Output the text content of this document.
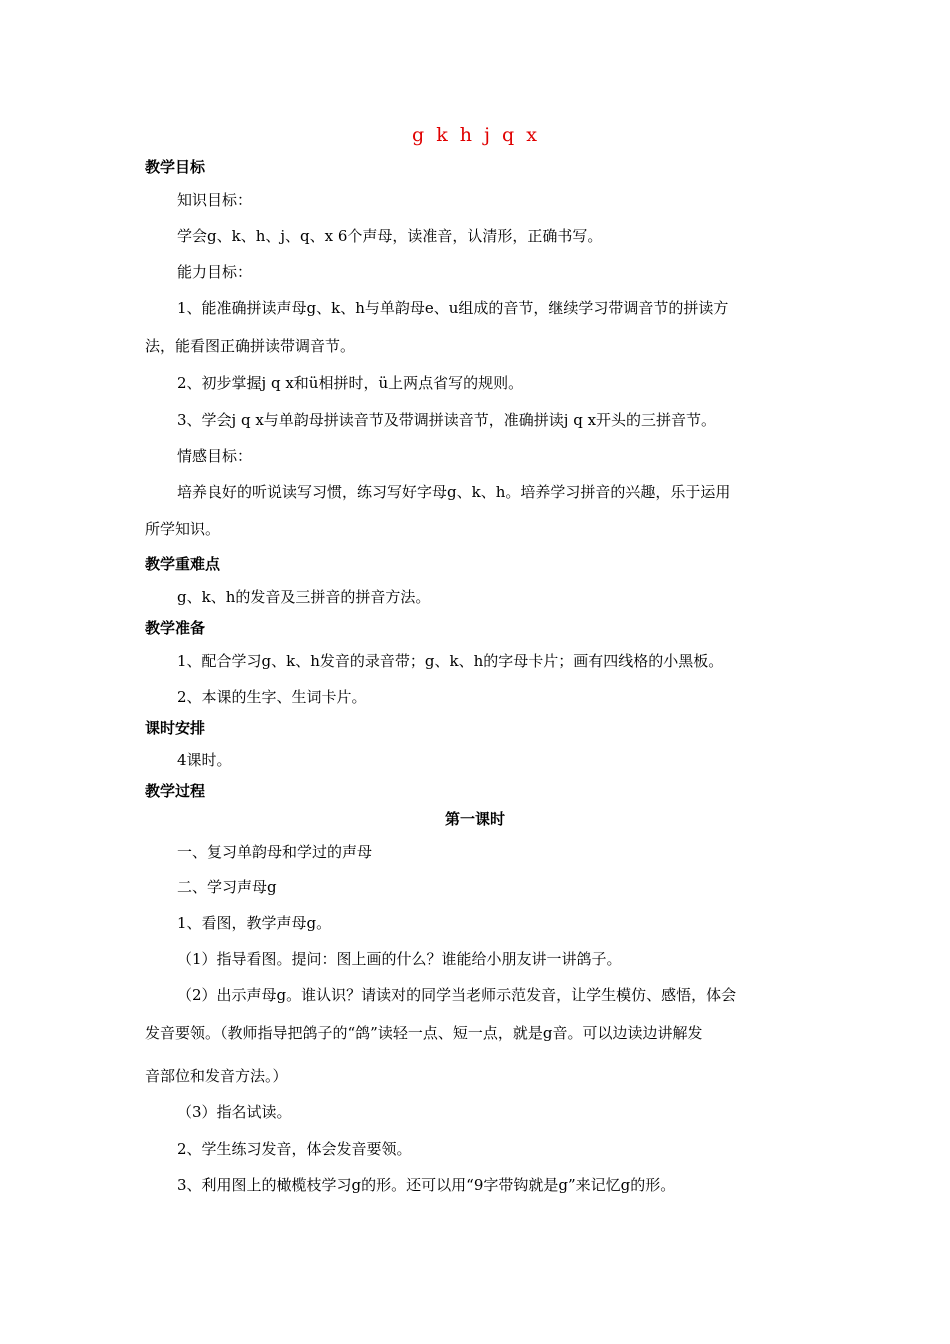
g k h j q x
教学目标
知识目标：
学会g、k、h、j、q、x 6个声母，读准音，认清形，正确书写。
能力目标：
1、能准确拼读声母g、k、h与单韵母e、u组成的音节，继续学习带调音节的拼读方
法，能看图正确拼读带调音节。
2、初步掌握j q x和ü相拼时，ü上两点省写的规则。
3、学会j q x与单韵母拼读音节及带调拼读音节，准确拼读j q x开头的三拼音节。
情感目标：
培养良好的听说读写习惯，练习写好字母g、k、h。培养学习拼音的兴趣，乐于运用
所学知识。
教学重难点
g、k、h的发音及三拼音的拼音方法。
教学准备
1、配合学习g、k、h发音的录音带；g、k、h的字母卡片；画有四线格的小黑板。
2、本课的生字、生词卡片。
课时安排
4课时。
教学过程
第一课时
一、复习单韵母和学过的声母
二、学习声母g
1、看图，教学声母g。
（1）指导看图。提问：图上画的什么？谁能给小朋友讲一讲鸽子。
（2）出示声母g。谁认识？请读对的同学当老师示范发音，让学生模仿、感悟，体会
发音要领。（教师指导把鸽子的“鸽”读轻一点、短一点，就是g音。可以边读边讲解发
音部位和发音方法。）
（3）指名试读。
2、学生练习发音，体会发音要领。
3、利用图上的橄榄枝学习g的形。还可以用“9字带钩就是g”来记忆g的形。
